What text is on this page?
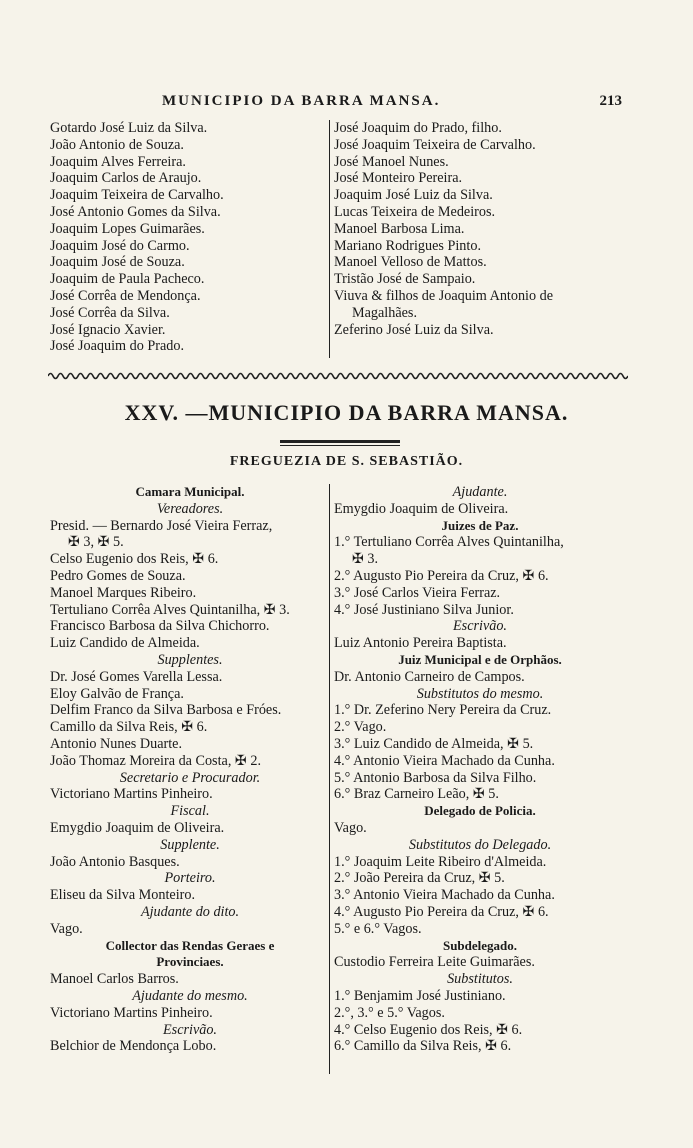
MUNICIPIO DA BARRA MANSA.	213
Gotardo José Luiz da Silva.
João Antonio de Souza.
Joaquim Alves Ferreira.
Joaquim Carlos de Araujo.
Joaquim Teixeira de Carvalho.
José Antonio Gomes da Silva.
Joaquim Lopes Guimarães.
Joaquim José do Carmo.
Joaquim José de Souza.
Joaquim de Paula Pacheco.
José Corrêa de Mendonça.
José Corrêa da Silva.
José Ignacio Xavier.
José Joaquim do Prado.
José Joaquim do Prado, filho.
José Joaquim Teixeira de Carvalho.
José Manoel Nunes.
José Monteiro Pereira.
Joaquim José Luiz da Silva.
Lucas Teixeira de Medeiros.
Manoel Barbosa Lima.
Mariano Rodrigues Pinto.
Manoel Velloso de Mattos.
Tristão José de Sampaio.
Viuva & filhos de Joaquim Antonio de
Magalhães.
Zeferino José Luiz da Silva.
XXV. —MUNICIPIO DA BARRA MANSA.
FREGUEZIA DE S. SEBASTIÃO.
Camara Municipal.
Vereadores.
Presid. — Bernardo José Vieira Ferraz,
✠ 3, ✠ 5.
Celso Eugenio dos Reis, ✠ 6.
Pedro Gomes de Souza.
Manoel Marques Ribeiro.
Tertuliano Corrêa Alves Quintanilha, ✠ 3.
Francisco Barbosa da Silva Chichorro.
Luiz Candido de Almeida.
Supplentes.
Dr. José Gomes Varella Lessa.
Eloy Galvão de França.
Delfim Franco da Silva Barbosa e Fróes.
Camillo da Silva Reis, ✠ 6.
Antonio Nunes Duarte.
João Thomaz Moreira da Costa, ✠ 2.
Secretario e Procurador.
Victoriano Martins Pinheiro.
Fiscal.
Emygdio Joaquim de Oliveira.
Supplente.
João Antonio Basques.
Porteiro.
Eliseu da Silva Monteiro.
Ajudante do dito.
Vago.
Collector das Rendas Geraes e
Provinciaes.
Manoel Carlos Barros.
Ajudante do mesmo.
Victoriano Martins Pinheiro.
Escrivão.
Belchior de Mendonça Lobo.
Ajudante.
Emygdio Joaquim de Oliveira.
Juizes de Paz.
1.° Tertuliano Corrêa Alves Quintanilha,
✠ 3.
2.° Augusto Pio Pereira da Cruz, ✠ 6.
3.° José Carlos Vieira Ferraz.
4.° José Justiniano Silva Junior.
Escrivão.
Luiz Antonio Pereira Baptista.
Juiz Municipal e de Orphãos.
Dr. Antonio Carneiro de Campos.
Substitutos do mesmo.
1.° Dr. Zeferino Nery Pereira da Cruz.
2.° Vago.
3.° Luiz Candido de Almeida, ✠ 5.
4.° Antonio Vieira Machado da Cunha.
5.° Antonio Barbosa da Silva Filho.
6.° Braz Carneiro Leão, ✠ 5.
Delegado de Policia.
Vago.
Substitutos do Delegado.
1.° Joaquim Leite Ribeiro d'Almeida.
2.° João Pereira da Cruz, ✠ 5.
3.° Antonio Vieira Machado da Cunha.
4.° Augusto Pio Pereira da Cruz, ✠ 6.
5.° e 6.° Vagos.
Subdelegado.
Custodio Ferreira Leite Guimarães.
Substitutos.
1.° Benjamim José Justiniano.
2.°, 3.° e 5.° Vagos.
4.° Celso Eugenio dos Reis, ✠ 6.
6.° Camillo da Silva Reis, ✠ 6.
